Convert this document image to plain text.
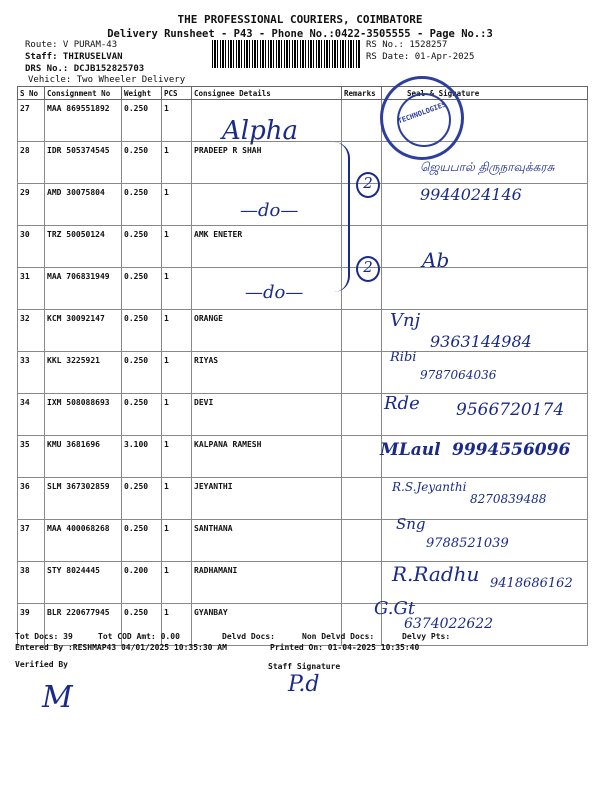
THE PROFESSIONAL COURIERS, COIMBATORE
Delivery Runsheet - P43 - Phone No.:0422-3505555 - Page No.:3
Route: V PURAM-43
Staff: THIRUSELVAN
DRS No.: DCJB152825703
Vehicle: Two Wheeler Delivery
RS No.: 1528257
RS Date: 01-Apr-2025
S No	Consignment No	Weight	PCS	Consignee Details	Remarks	Seal & Signature
27	MAA 869551892	0.250	1			
28	IDR 505374545	0.250	1	PRADEEP R SHAH		
29	AMD 30075804	0.250	1			
30	TRZ 50050124	0.250	1	AMK ENETER		
31	MAA 706831949	0.250	1			
32	KCM 30092147	0.250	1	ORANGE		
33	KKL 3225921	0.250	1	RIYAS		
34	IXM 508088693	0.250	1	DEVI		
35	KMU 3681696	3.100	1	KALPANA RAMESH		
36	SLM 367302859	0.250	1	JEYANTHI		
37	MAA 400068268	0.250	1	SANTHANA		
38	STY 8024445	0.200	1	RADHAMANI		
39	BLR 220677945	0.250	1	GYANBAY		
TECHNOLOGIES
Alpha
—do—
—do—
2
2
ஜெயபால் திருநாவுக்கரசு
9944024146
Ab
Vnj
9363144984
Ribi
9787064036
Rde 9566720174
MLaul 9994556096
R.S.Jeyanthi
8270839488
Sng
9788521039
R.Radhu 9418686162
G.Gt
6374022622
Tot Docs: 39	Tot COD Amt: 0.00	Delvd Docs:	Non Delvd Docs:	Delvy Pts:
Entered By :RESHMAP43 04/01/2025 10:35:30 AM	Printed On: 01-04-2025 10:35:40
Verified By	Staff Signature
M	P.d
